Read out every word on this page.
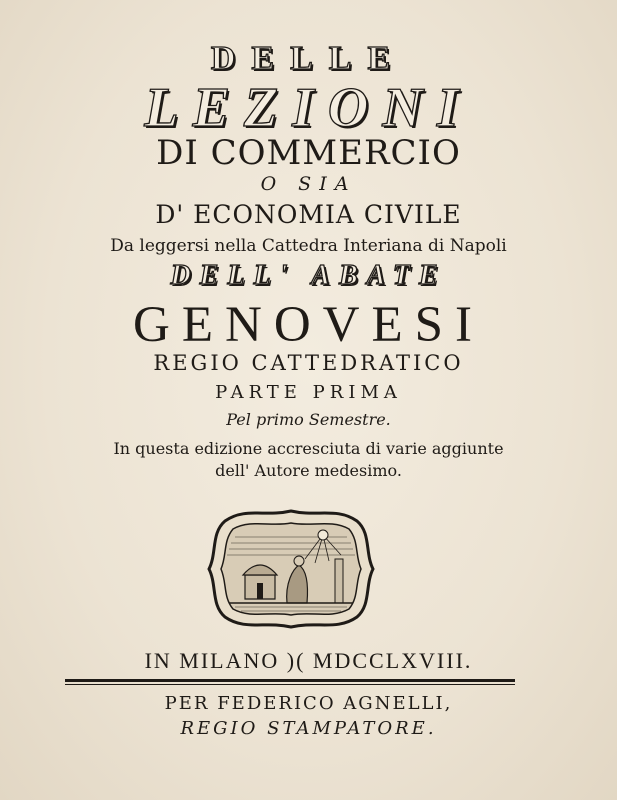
DELLE
LEZIONI
DI COMMERCIO
O SIA
D' ECONOMIA CIVILE
Da leggersi nella Cattedra Interiana di Napoli
DELL' ABATE
GENOVESI
REGIO CATTEDRATICO
PARTE PRIMA
Pel primo Semestre.
In questa edizione accresciuta di varie aggiunte
dell' Autore medesimo.
IN MILANO )( MDCCLXVIII.
PER FEDERICO AGNELLI,
REGIO STAMPATORE.
